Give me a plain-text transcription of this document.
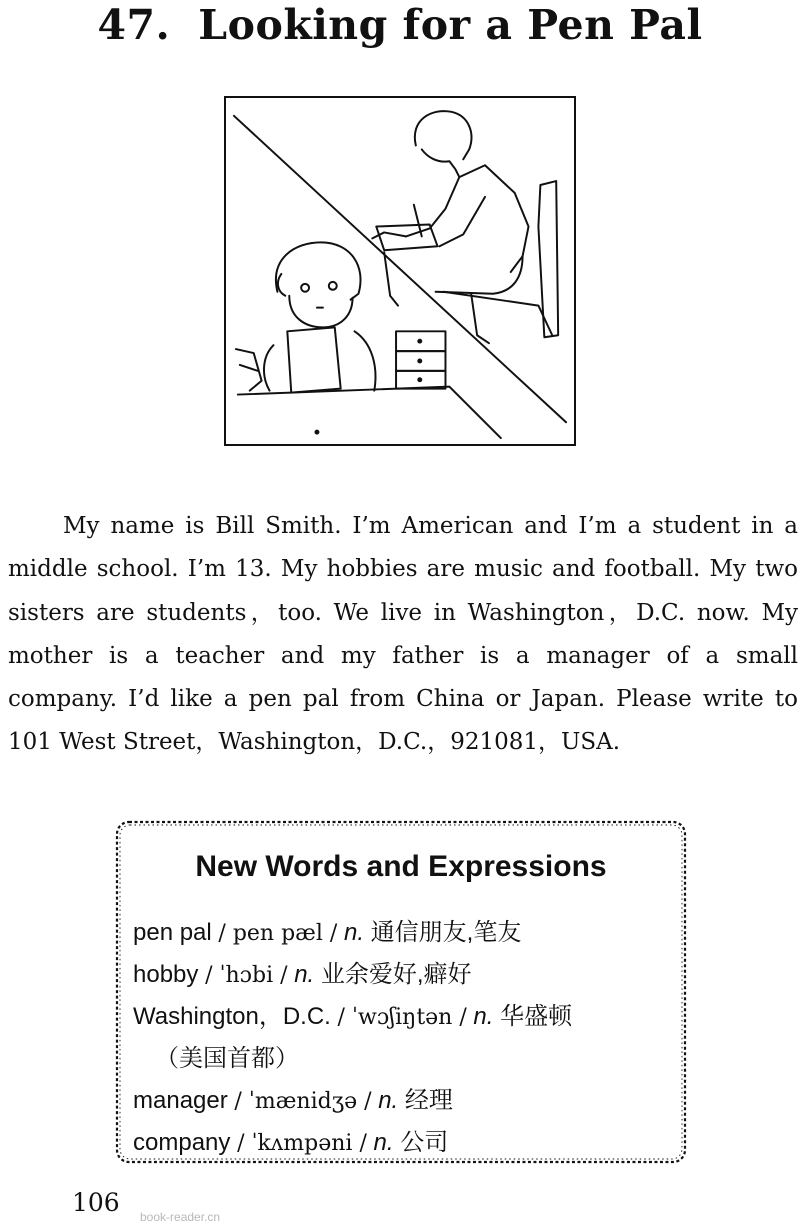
47. Looking for a Pen Pal

My name is Bill Smith. I’m American and I’m a student in a middle school. I’m 13. My hobbies are music and football. My two sisters are students，too. We live in Washington，D.C. now. My mother is a teacher and my father is a manager of a small company. I’d like a pen pal from China or Japan. Please write to 101 West Street，Washington，D.C.，921081，USA.

New Words and Expressions
pen pal / pen pæl / n. 通信朋友,笔友
hobby / ˈhɔbi / n. 业余爱好,癖好
Washington，D.C. / ˈwɔʃiŋtən / n. 华盛顿
（美国首都）
manager / ˈmænidʒə / n. 经理
company / ˈkʌmpəni / n. 公司
106 book-reader.cn
